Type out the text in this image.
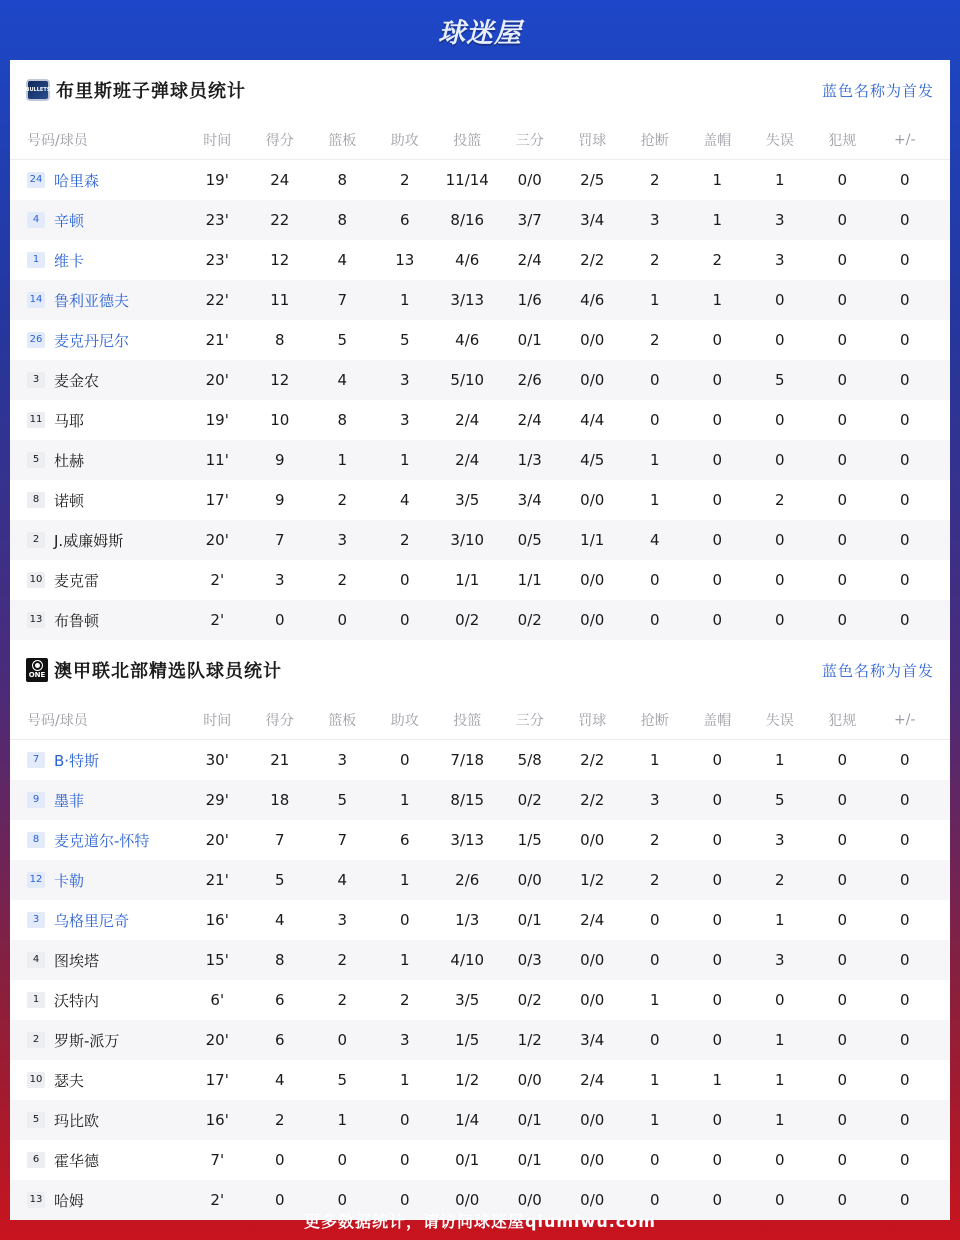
球迷屋
BULLETS 布里斯班子弹球员统计	蓝色名称为首发
号码/球员	时间	得分	篮板	助攻	投篮	三分	罚球	抢断	盖帽	失误	犯规	+/-
24 哈里森	19'	24	8	2	11/14	0/0	2/5	2	1	1	0	0
4 辛顿	23'	22	8	6	8/16	3/7	3/4	3	1	3	0	0
1 维卡	23'	12	4	13	4/6	2/4	2/2	2	2	3	0	0
14 鲁利亚德夫	22'	11	7	1	3/13	1/6	4/6	1	1	0	0	0
26 麦克丹尼尔	21'	8	5	5	4/6	0/1	0/0	2	0	0	0	0
3 麦金农	20'	12	4	3	5/10	2/6	0/0	0	0	5	0	0
11 马耶	19'	10	8	3	2/4	2/4	4/4	0	0	0	0	0
5 杜赫	11'	9	1	1	2/4	1/3	4/5	1	0	0	0	0
8 诺顿	17'	9	2	4	3/5	3/4	0/0	1	0	2	0	0
2 J.威廉姆斯	20'	7	3	2	3/10	0/5	1/1	4	0	0	0	0
10 麦克雷	2'	3	2	0	1/1	1/1	0/0	0	0	0	0	0
13 布鲁顿	2'	0	0	0	0/2	0/2	0/0	0	0	0	0	0
ONE 澳甲联北部精选队球员统计	蓝色名称为首发
号码/球员	时间	得分	篮板	助攻	投篮	三分	罚球	抢断	盖帽	失误	犯规	+/-
7 B·特斯	30'	21	3	0	7/18	5/8	2/2	1	0	1	0	0
9 墨菲	29'	18	5	1	8/15	0/2	2/2	3	0	5	0	0
8 麦克道尔-怀特	20'	7	7	6	3/13	1/5	0/0	2	0	3	0	0
12 卡勒	21'	5	4	1	2/6	0/0	1/2	2	0	2	0	0
3 乌格里尼奇	16'	4	3	0	1/3	0/1	2/4	0	0	1	0	0
4 图埃塔	15'	8	2	1	4/10	0/3	0/0	0	0	3	0	0
1 沃特内	6'	6	2	2	3/5	0/2	0/0	1	0	0	0	0
2 罗斯-派万	20'	6	0	3	1/5	1/2	3/4	0	0	1	0	0
10 瑟夫	17'	4	5	1	1/2	0/0	2/4	1	1	1	0	0
5 玛比欧	16'	2	1	0	1/4	0/1	0/0	1	0	1	0	0
6 霍华德	7'	0	0	0	0/1	0/1	0/0	0	0	0	0	0
13 哈姆	2'	0	0	0	0/0	0/0	0/0	0	0	0	0	0
更多数据统计，请访问球迷屋qiumiwu.com
